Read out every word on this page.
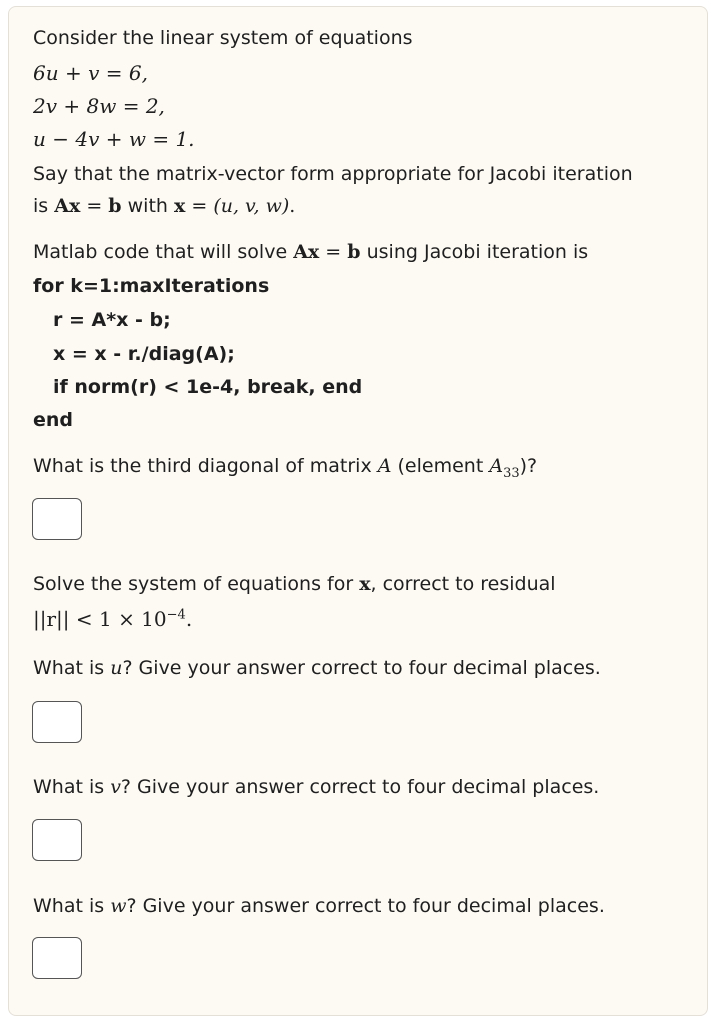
Consider the linear system of equations
6u + v = 6,
2v + 8w = 2,
u − 4v + w = 1.
Say that the matrix-vector form appropriate for Jacobi iteration
is Ax = b with x = (u, v, w).
Matlab code that will solve Ax = b using Jacobi iteration is
for k=1:maxIterations
r = A*x - b;
x = x - r./diag(A);
if norm(r) < 1e-4, break, end
end
What is the third diagonal of matrix A (element $A_{33}$)?
Solve the system of equations for x, correct to residual
$||r|| < 1 \times 10^{-4}$.
What is u? Give your answer correct to four decimal places.
What is v? Give your answer correct to four decimal places.
What is w? Give your answer correct to four decimal places.
